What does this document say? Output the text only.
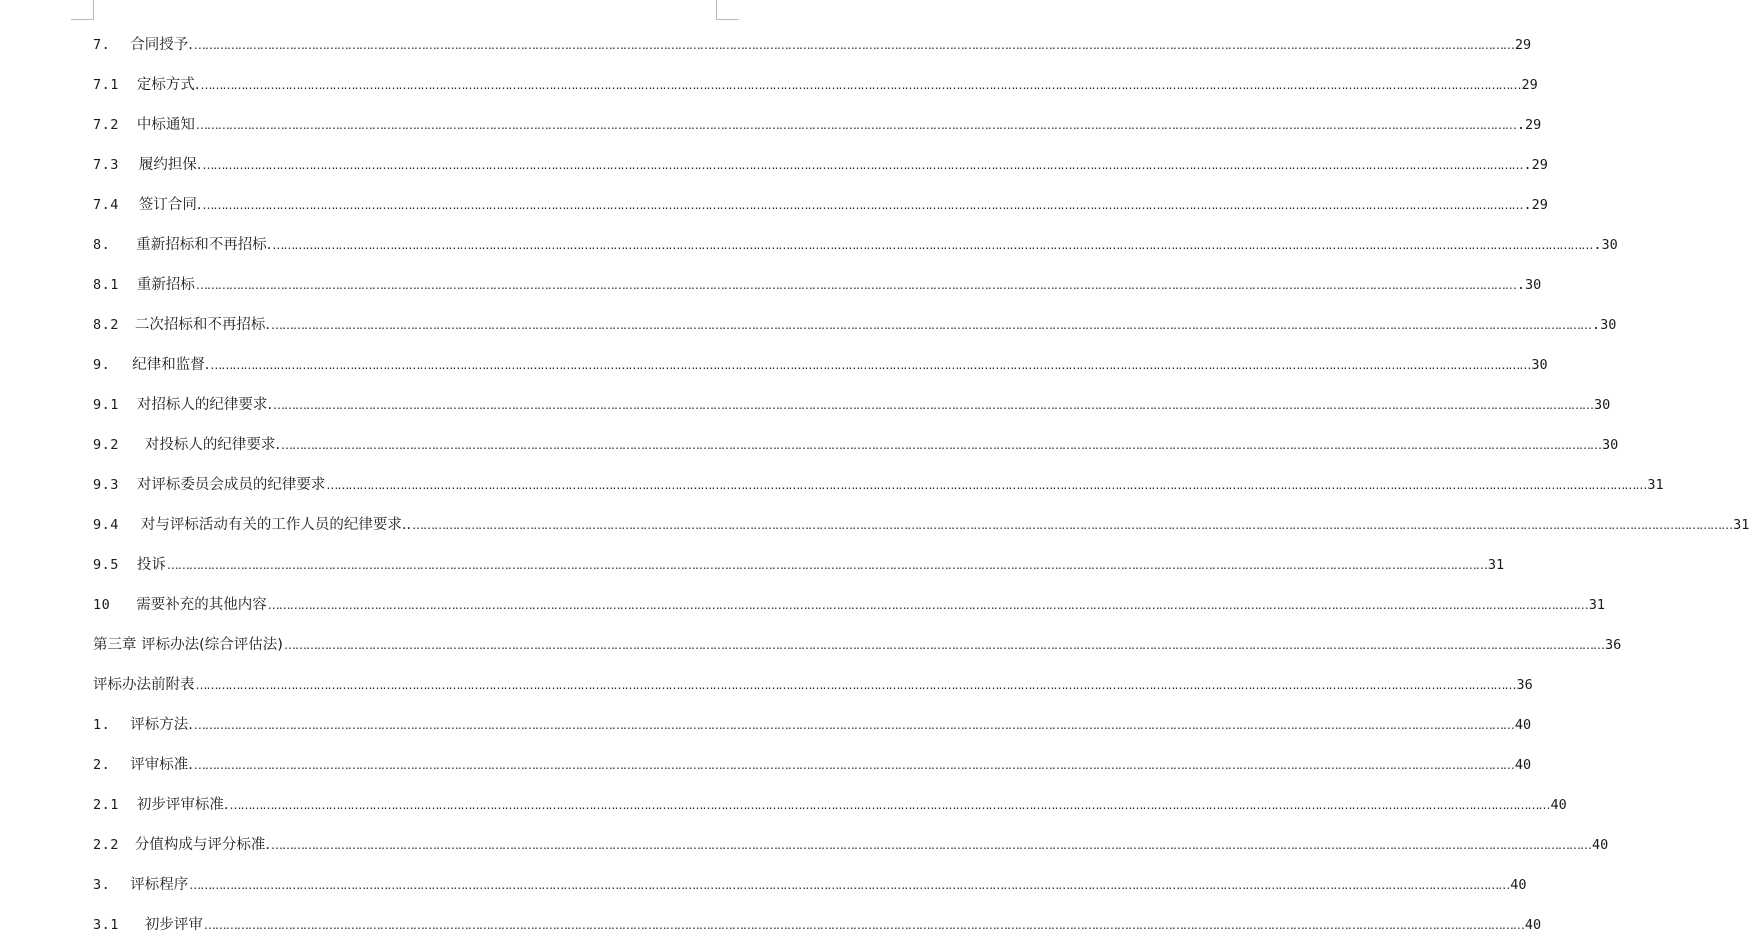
7. 合同授予. ……………………………………………………………………………………………………………………………………………………………………………………………………………………………………………………………………………………………………………………………… 29
7.1 定标方式. ……………………………………………………………………………………………………………………………………………………………………………………………………………………………………………………………………………………………………………………………… 29
7.2 中标通知 ……………………………………………………………………………………………………………………………………………………………………………………………………………………………………………………………………………………………………………………………… .29
7.3 履约担保. ……………………………………………………………………………………………………………………………………………………………………………………………………………………………………………………………………………………………………………………………… .29
7.4 签订合同. ……………………………………………………………………………………………………………………………………………………………………………………………………………………………………………………………………………………………………………………………… .29
8. 重新招标和不再招标. ……………………………………………………………………………………………………………………………………………………………………………………………………………………………………………………………………………………………………………………………… .30
8.1 重新招标 ……………………………………………………………………………………………………………………………………………………………………………………………………………………………………………………………………………………………………………………………… .30
8.2 二次招标和不再招标. ……………………………………………………………………………………………………………………………………………………………………………………………………………………………………………………………………………………………………………………………… .30
9. 纪律和监督. ……………………………………………………………………………………………………………………………………………………………………………………………………………………………………………………………………………………………………………………………… 30
9.1 对招标人的纪律要求. ……………………………………………………………………………………………………………………………………………………………………………………………………………………………………………………………………………………………………………………………… 30
9.2 对投标人的纪律要求. ……………………………………………………………………………………………………………………………………………………………………………………………………………………………………………………………………………………………………………………………… 30
9.3 对评标委员会成员的纪律要求 ……………………………………………………………………………………………………………………………………………………………………………………………………………………………………………………………………………………………………………………………… 31
9.4 对与评标活动有关的工作人员的纪律要求.. ……………………………………………………………………………………………………………………………………………………………………………………………………………………………………………………………………………………………………………………………… 31
9.5 投诉 ……………………………………………………………………………………………………………………………………………………………………………………………………………………………………………………………………………………………………………………………… 31
10 需要补充的其他内容 ……………………………………………………………………………………………………………………………………………………………………………………………………………………………………………………………………………………………………………………………… 31
第三章 评标办法(综合评估法) ……………………………………………………………………………………………………………………………………………………………………………………………………………………………………………………………………………………………………………………………… 36
评标办法前附表 ……………………………………………………………………………………………………………………………………………………………………………………………………………………………………………………………………………………………………………………………… 36
1. 评标方法. ……………………………………………………………………………………………………………………………………………………………………………………………………………………………………………………………………………………………………………………………… 40
2. 评审标准. ……………………………………………………………………………………………………………………………………………………………………………………………………………………………………………………………………………………………………………………………… 40
2.1 初步评审标准. ……………………………………………………………………………………………………………………………………………………………………………………………………………………………………………………………………………………………………………………………… 40
2.2 分值构成与评分标准. ……………………………………………………………………………………………………………………………………………………………………………………………………………………………………………………………………………………………………………………………… 40
3. 评标程序 ……………………………………………………………………………………………………………………………………………………………………………………………………………………………………………………………………………………………………………………………… 40
3.1 初步评审 ……………………………………………………………………………………………………………………………………………………………………………………………………………………………………………………………………………………………………………………………… 40
